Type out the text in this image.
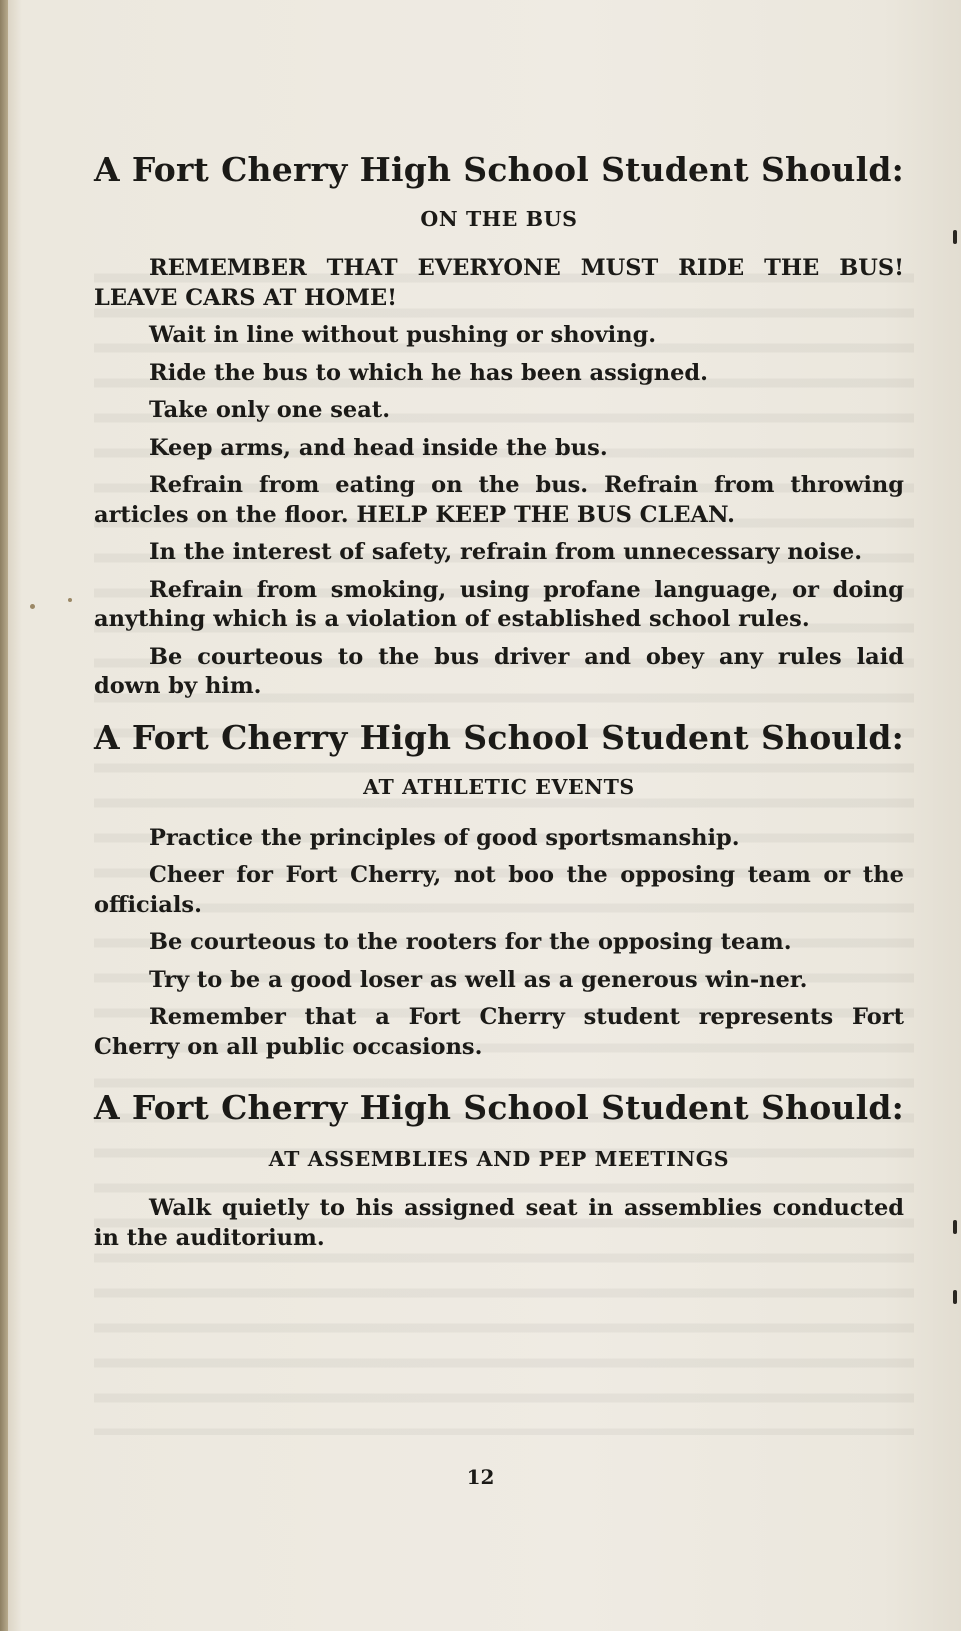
A Fort Cherry High School Student Should:
ON THE BUS

REMEMBER THAT EVERYONE MUST RIDE THE BUS! LEAVE CARS AT HOME!

Wait in line without pushing or shoving.

Ride the bus to which he has been assigned.

Take only one seat.

Keep arms, and head inside the bus.

Refrain from eating on the bus. Refrain from throwing articles on the floor. HELP KEEP THE BUS CLEAN.

In the interest of safety, refrain from unnecessary noise.

Refrain from smoking, using profane language, or doing anything which is a violation of established school rules.

Be courteous to the bus driver and obey any rules laid down by him.

A Fort Cherry High School Student Should:
AT ATHLETIC EVENTS

Practice the principles of good sportsmanship.

Cheer for Fort Cherry, not boo the opposing team or the officials.

Be courteous to the rooters for the opposing team.

Try to be a good loser as well as a generous win-ner.

Remember that a Fort Cherry student represents Fort Cherry on all public occasions.

A Fort Cherry High School Student Should:
AT ASSEMBLIES AND PEP MEETINGS

Walk quietly to his assigned seat in assemblies conducted in the auditorium.

12
